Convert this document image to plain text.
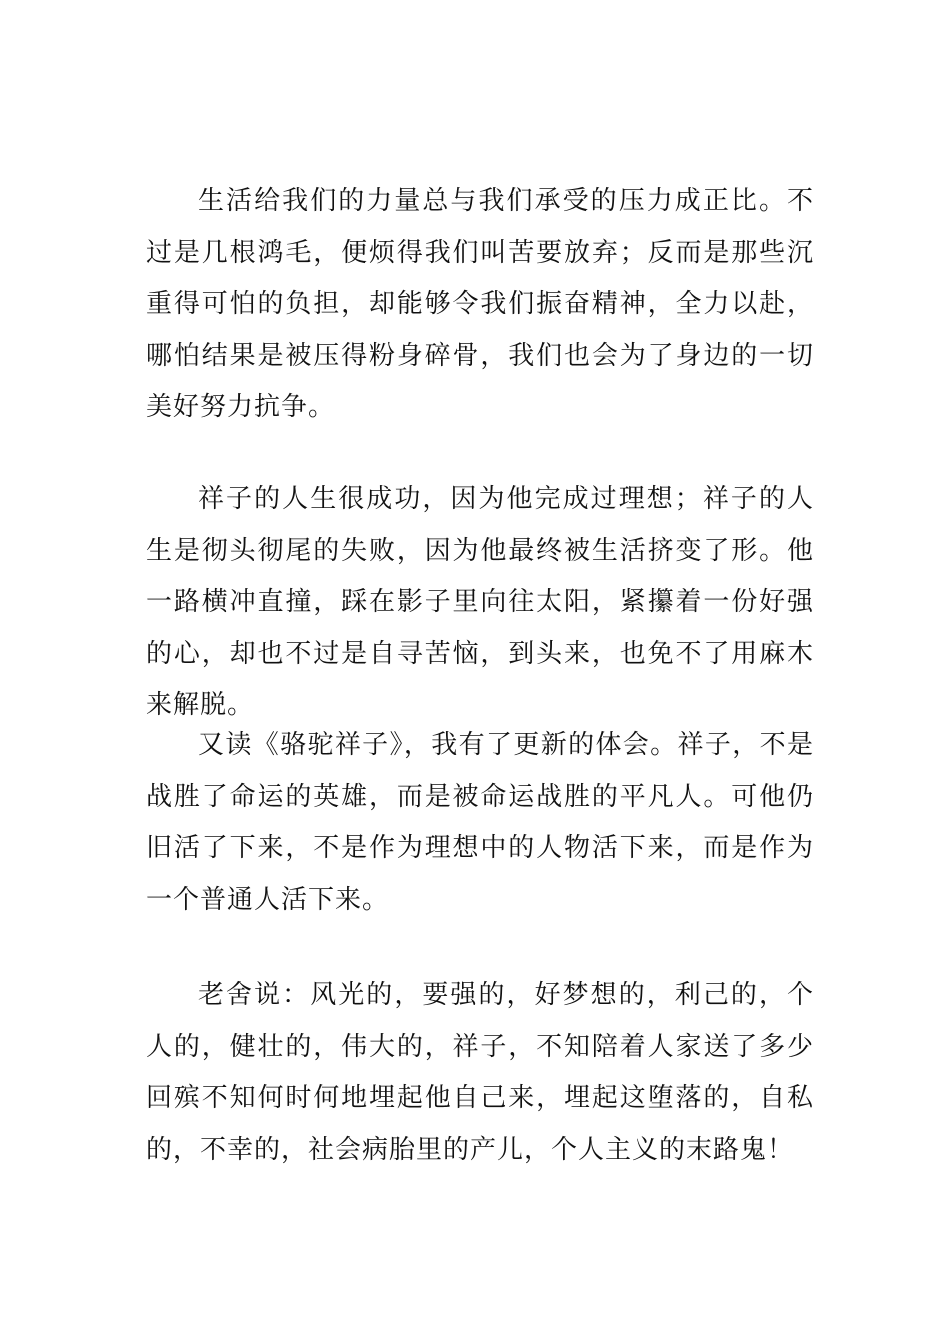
生活给我们的力量总与我们承受的压力成正比。不过是几根鸿毛，便烦得我们叫苦要放弃；反而是那些沉重得可怕的负担，却能够令我们振奋精神，全力以赴，哪怕结果是被压得粉身碎骨，我们也会为了身边的一切美好努力抗争。

祥子的人生很成功，因为他完成过理想；祥子的人生是彻头彻尾的失败，因为他最终被生活挤变了形。他一路横冲直撞，踩在影子里向往太阳，紧攥着一份好强的心，却也不过是自寻苦恼，到头来，也免不了用麻木来解脱。

又读《骆驼祥子》，我有了更新的体会。祥子，不是战胜了命运的英雄，而是被命运战胜的平凡人。可他仍旧活了下来，不是作为理想中的人物活下来，而是作为一个普通人活下来。

老舍说：风光的，要强的，好梦想的，利己的，个人的，健壮的，伟大的，祥子，不知陪着人家送了多少回殡不知何时何地埋起他自己来，埋起这堕落的，自私的，不幸的，社会病胎里的产儿，个人主义的末路鬼！
